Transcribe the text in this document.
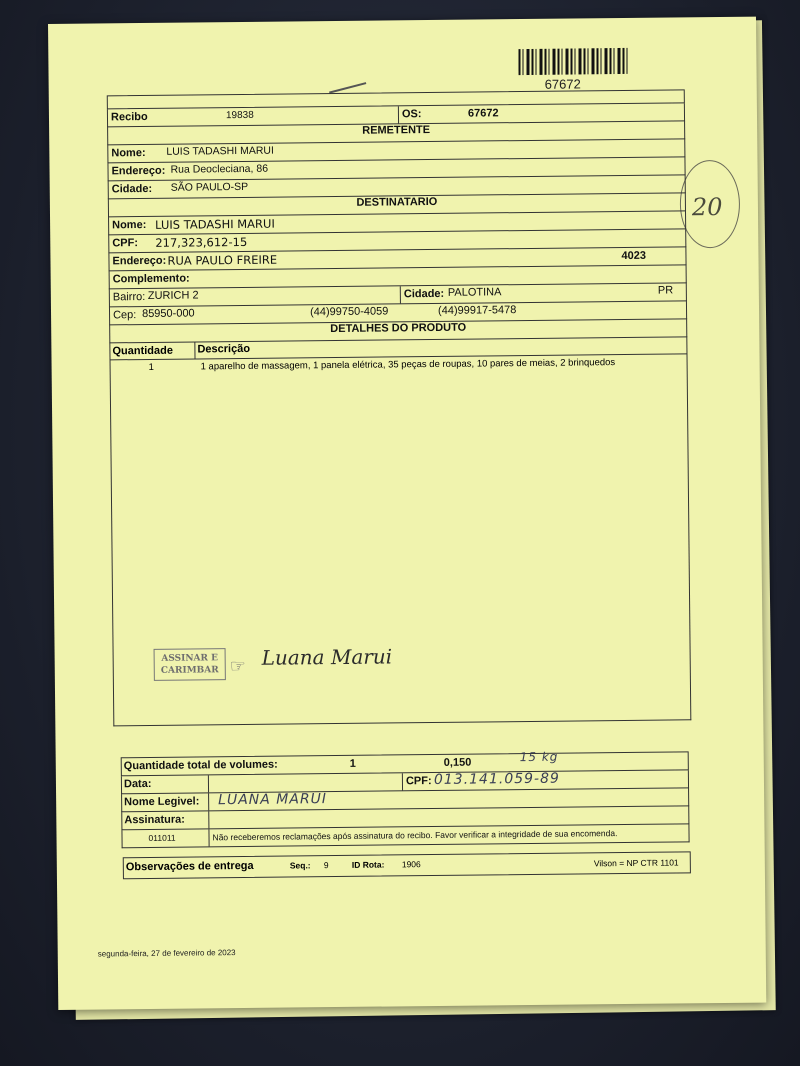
67672
20
Recibo	19838	OS:	67672
REMETENTE
Nome: LUIS TADASHI MARUI
Endereço: Rua Deocleciana, 86
Cidade: SÃO PAULO-SP
DESTINATARIO
Nome: LUIS TADASHI MARUI
CPF: 217,323,612-15
Endereço: RUA PAULO FREIRE	4023
Complemento:
Bairro: ZURICH 2	Cidade: PALOTINA	PR
Cep: 85950-000	(44)99750-4059	(44)99917-5478
DETALHES DO PRODUTO
Quantidade Descrição
1	1 aparelho de massagem, 1 panela elétrica, 35 peças de roupas, 10 pares de meias, 2 brinquedos
ASSINAR E
CARIMBAR ☞ Luana Marui
Quantidade total de volumes:	1	0,150	15 kg
Data:	CPF: 013.141.059-89
Nome Legivel: LUANA MARUI
Assinatura:
011011	Não receberemos reclamações após assinatura do recibo. Favor verificar a integridade de sua encomenda.
Observações de entrega	Seq.: 9	ID Rota: 1906	Vilson = NP CTR 1101
segunda-feira, 27 de fevereiro de 2023
